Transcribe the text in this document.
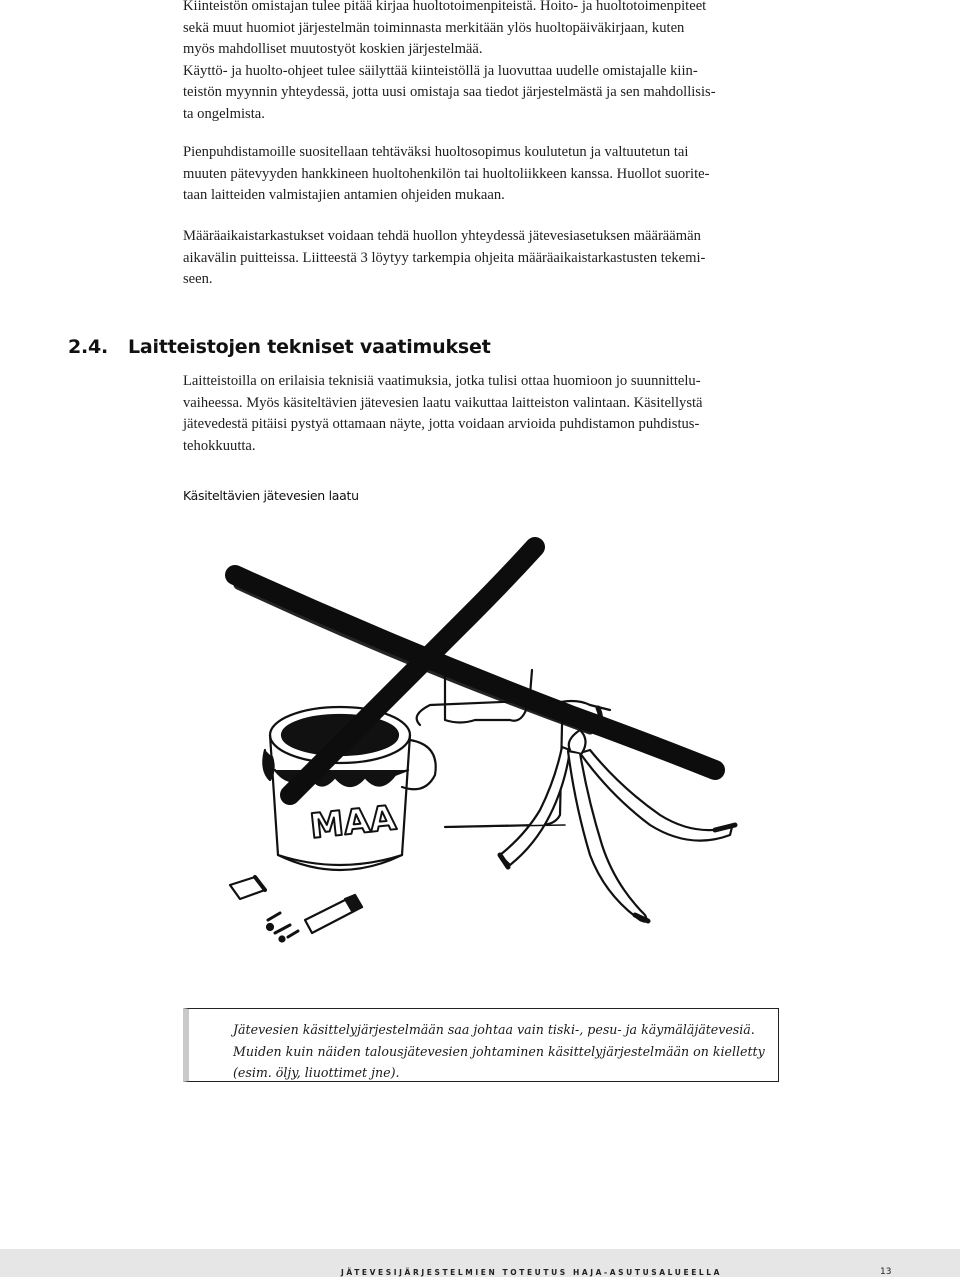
Kiinteistön omistajan tulee pitää kirjaa huoltotoimenpiteistä. Hoito- ja huoltotoimenpiteet
sekä muut huomiot järjestelmän toiminnasta merkitään ylös huoltopäiväkirjaan, kuten
myös mahdolliset muutostyöt koskien järjestelmää.
Käyttö- ja huolto-ohjeet tulee säilyttää kiinteistöllä ja luovuttaa uudelle omistajalle kiin-
teistön myynnin yhteydessä, jotta uusi omistaja saa tiedot järjestelmästä ja sen mahdollisis-
ta ongelmista.
Pienpuhdistamoille suositellaan tehtäväksi huoltosopimus koulutetun ja valtuutetun tai
muuten pätevyyden hankkineen huoltohenkilön tai huoltoliikkeen kanssa. Huollot suorite-
taan laitteiden valmistajien antamien ohjeiden mukaan.
Määräaikaistarkastukset voidaan tehdä huollon yhteydessä jätevesiasetuksen määräämän
aikavälin puitteissa. Liitteestä 3 löytyy tarkempia ohjeita määräaikaistarkastusten tekemi-
seen.
2.4. Laitteistojen tekniset vaatimukset
Laitteistoilla on erilaisia teknisiä vaatimuksia, jotka tulisi ottaa huomioon jo suunnittelu-
vaiheessa. Myös käsiteltävien jätevesien laatu vaikuttaa laitteiston valintaan. Käsitellystä
jätevedestä pitäisi pystyä ottamaan näyte, jotta voidaan arvioida puhdistamon puhdistus-
tehokkuutta.
Käsiteltävien jätevesien laatu
MAA
Jätevesien käsittelyjärjestelmään saa johtaa vain tiski-, pesu- ja käymäläjätevesiä.
Muiden kuin näiden talousjätevesien johtaminen käsittelyjärjestelmään on kielletty
(esim. öljy, liuottimet jne).
JÄTEVESIJÄRJESTELMIEN TOTEUTUS HAJA-ASUTUSALUEELLA	13
